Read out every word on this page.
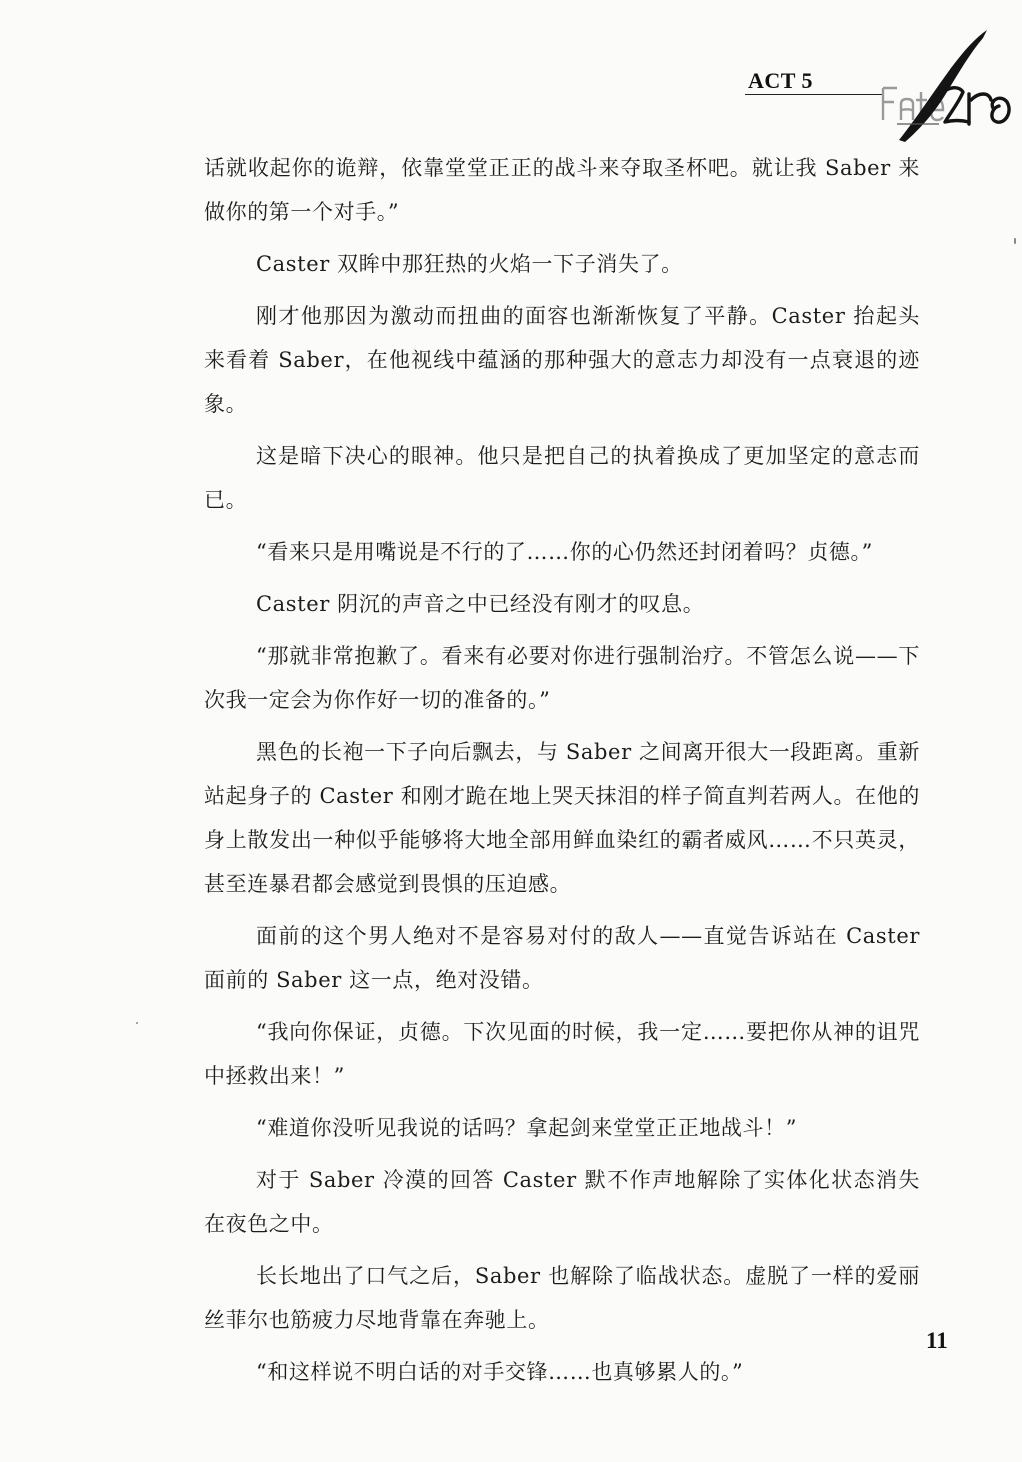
ACT 5

话就收起你的诡辩，依靠堂堂正正的战斗来夺取圣杯吧。就让我 Saber 来做你的第一个对手。”

Caster 双眸中那狂热的火焰一下子消失了。

刚才他那因为激动而扭曲的面容也渐渐恢复了平静。Caster 抬起头来看着 Saber，在他视线中蕴涵的那种强大的意志力却没有一点衰退的迹象。

这是暗下决心的眼神。他只是把自己的执着换成了更加坚定的意志而已。

“看来只是用嘴说是不行的了……你的心仍然还封闭着吗？贞德。”

Caster 阴沉的声音之中已经没有刚才的叹息。

“那就非常抱歉了。看来有必要对你进行强制治疗。不管怎么说——下次我一定会为你作好一切的准备的。”

黑色的长袍一下子向后飘去，与 Saber 之间离开很大一段距离。重新站起身子的 Caster 和刚才跪在地上哭天抹泪的样子简直判若两人。在他的身上散发出一种似乎能够将大地全部用鲜血染红的霸者威风……不只英灵，甚至连暴君都会感觉到畏惧的压迫感。

面前的这个男人绝对不是容易对付的敌人——直觉告诉站在 Caster 面前的 Saber 这一点，绝对没错。

“我向你保证，贞德。下次见面的时候，我一定……要把你从神的诅咒中拯救出来！”

“难道你没听见我说的话吗？拿起剑来堂堂正正地战斗！”

对于 Saber 冷漠的回答 Caster 默不作声地解除了实体化状态消失在夜色之中。

长长地出了口气之后，Saber 也解除了临战状态。虚脱了一样的爱丽丝菲尔也筋疲力尽地背靠在奔驰上。

“和这样说不明白话的对手交锋……也真够累人的。”

11
